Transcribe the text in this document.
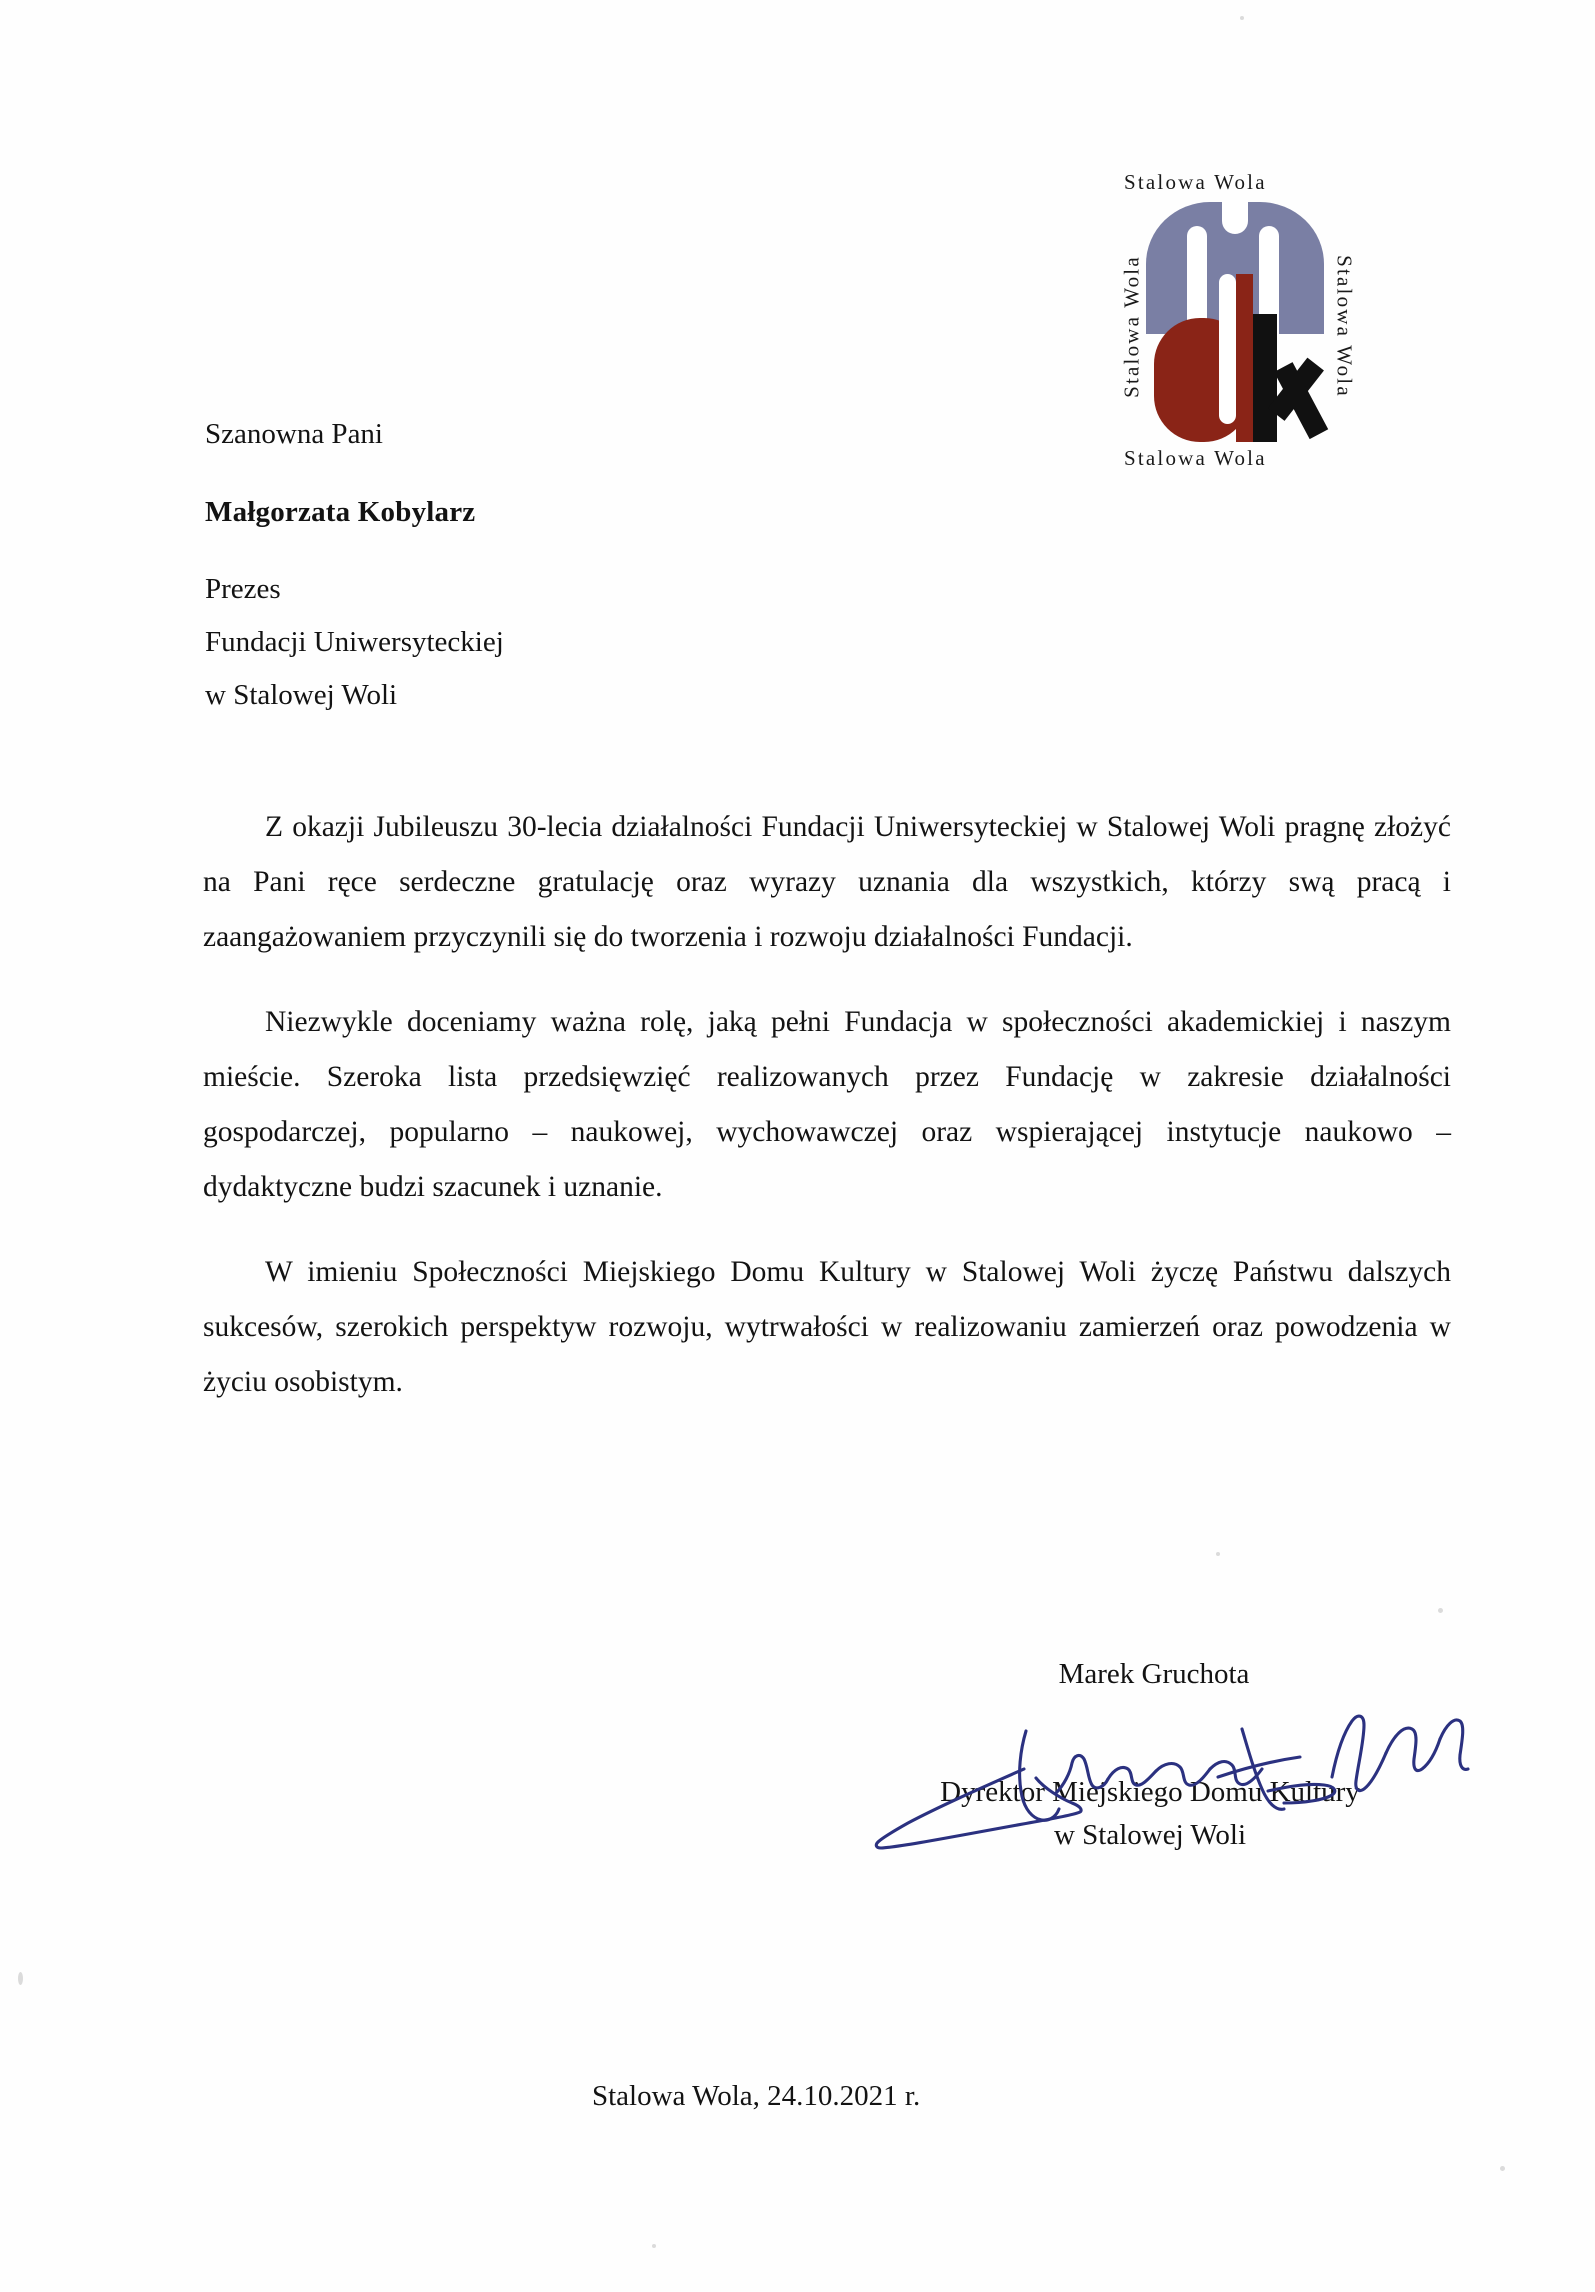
Stalowa Wola
Stalowa Wola	Stalowa Wola
Stalowa Wola
Szanowna Pani
Małgorzata Kobylarz
Prezes
Fundacji Uniwersyteckiej
w Stalowej Woli

Z okazji Jubileuszu 30-lecia działalności Fundacji Uniwersyteckiej w Stalowej Woli pragnę złożyć na Pani ręce serdeczne gratulację oraz wyrazy uznania dla wszystkich, którzy swą pracą i zaangażowaniem przyczynili się do tworzenia i rozwoju działalności Fundacji.

Niezwykle doceniamy ważna rolę, jaką pełni Fundacja w społeczności akademickiej i naszym mieście. Szeroka lista przedsięwzięć realizowanych przez Fundację w zakresie działalności gospodarczej, popularno – naukowej, wychowawczej oraz wspierającej instytucje naukowo – dydaktyczne budzi szacunek i uznanie.

W imieniu Społeczności Miejskiego Domu Kultury w Stalowej Woli życzę Państwu dalszych sukcesów, szerokich perspektyw rozwoju, wytrwałości w realizowaniu zamierzeń oraz powodzenia w życiu osobistym.

Marek Gruchota
Dyrektor Miejskiego Domu Kultury
w Stalowej Woli
Stalowa Wola, 24.10.2021 r.
